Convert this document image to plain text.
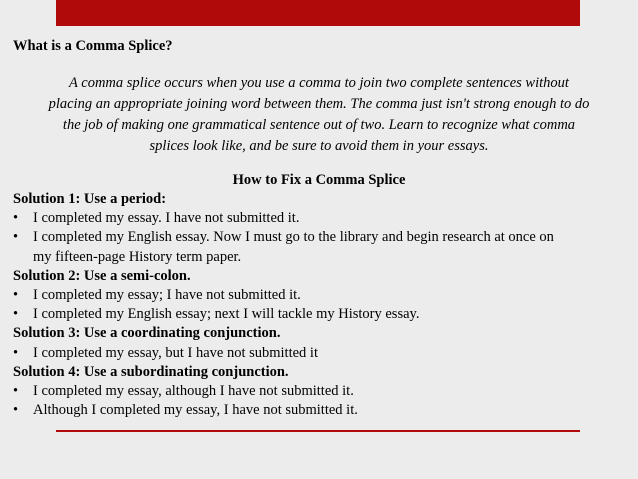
What is a Comma Splice?
A comma splice occurs when you use a comma to join two complete sentences without
placing an appropriate joining word between them. The comma just isn't strong enough to do
the job of making one grammatical sentence out of two. Learn to recognize what comma
splices look like, and be sure to avoid them in your essays.
How to Fix a Comma Splice
Solution 1: Use a period:
• I completed my essay. I have not submitted it.
• I completed my English essay. Now I must go to the library and begin research at once on
my fifteen-page History term paper.
Solution 2: Use a semi-colon.
• I completed my essay; I have not submitted it.
• I completed my English essay; next I will tackle my History essay.
Solution 3: Use a coordinating conjunction.
• I completed my essay, but I have not submitted it
Solution 4: Use a subordinating conjunction.
• I completed my essay, although I have not submitted it.
• Although I completed my essay, I have not submitted it.
